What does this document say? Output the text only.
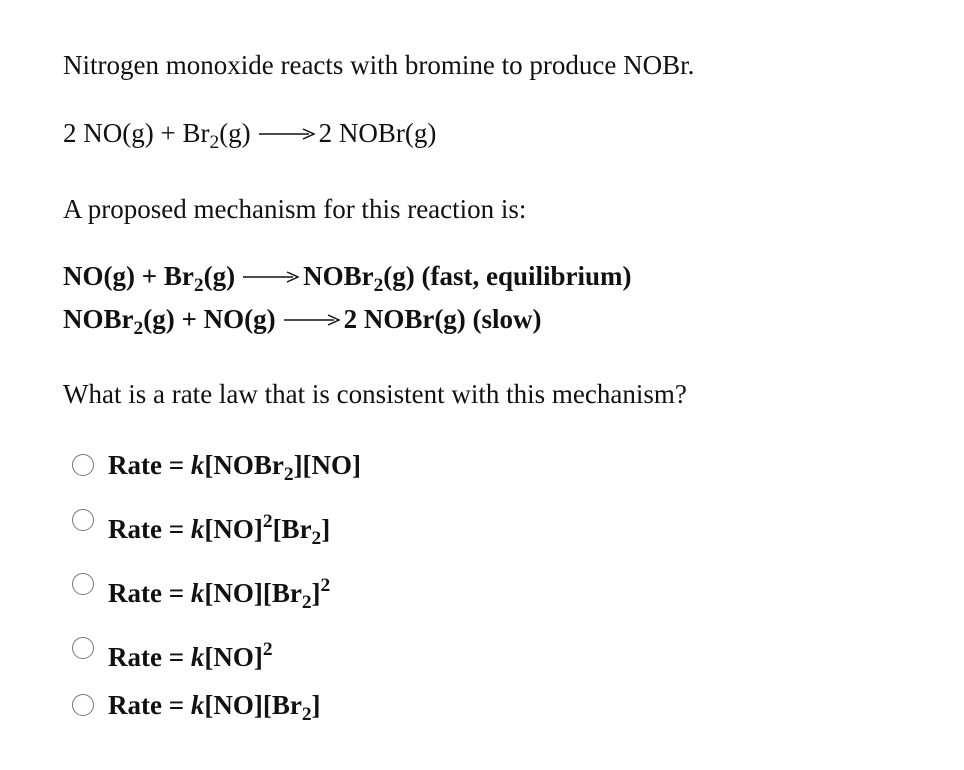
Nitrogen monoxide reacts with bromine to produce NOBr.
2 $NO(g) + Br_2(g) \to 2$ NOBr(g)
A proposed mechanism for this reaction is:
$NO(g) + Br_2(g)$ → NOBr$_2$(g) (fast, equilibrium)
NOBr$_2$(g) + NO(g) → 2 NOBr(g) (slow)
What is a rate law that is consistent with this mechanism?
Rate = k[NOBr$_2$][NO]
Rate = $k[NO]^2[Br_2]$
Rate = $k[NO][Br_2]^2$
Rate = k[NO]$^2$
Rate = $k[NO][Br_2]$
